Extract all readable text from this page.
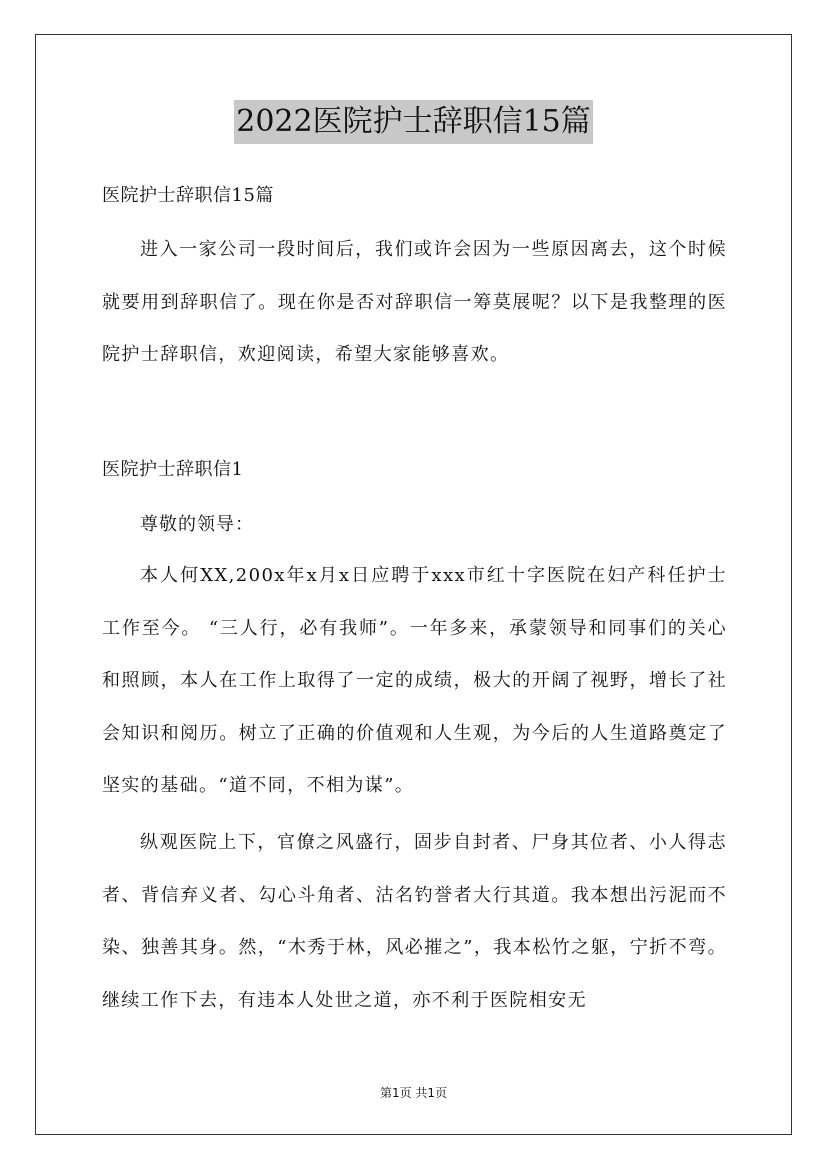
2022医院护士辞职信15篇
医院护士辞职信15篇
进入一家公司一段时间后，我们或许会因为一些原因离去，这个时候就要用到辞职信了。现在你是否对辞职信一筹莫展呢？以下是我整理的医院护士辞职信，欢迎阅读，希望大家能够喜欢。
医院护士辞职信1
尊敬的领导：
本人何XX,200x年x月x日应聘于xxx市红十字医院在妇产科任护士工作至今。 “三人行，必有我师”。一年多来，承蒙领导和同事们的关心和照顾，本人在工作上取得了一定的成绩，极大的开阔了视野，增长了社会知识和阅历。树立了正确的价值观和人生观，为今后的人生道路奠定了坚实的基础。“道不同，不相为谋”。
纵观医院上下，官僚之风盛行，固步自封者、尸身其位者、小人得志者、背信弃义者、勾心斗角者、沽名钓誉者大行其道。我本想出污泥而不染、独善其身。然，“木秀于林，风必摧之”，我本松竹之躯，宁折不弯。继续工作下去，有违本人处世之道，亦不利于医院相安无
第1页 共1页
